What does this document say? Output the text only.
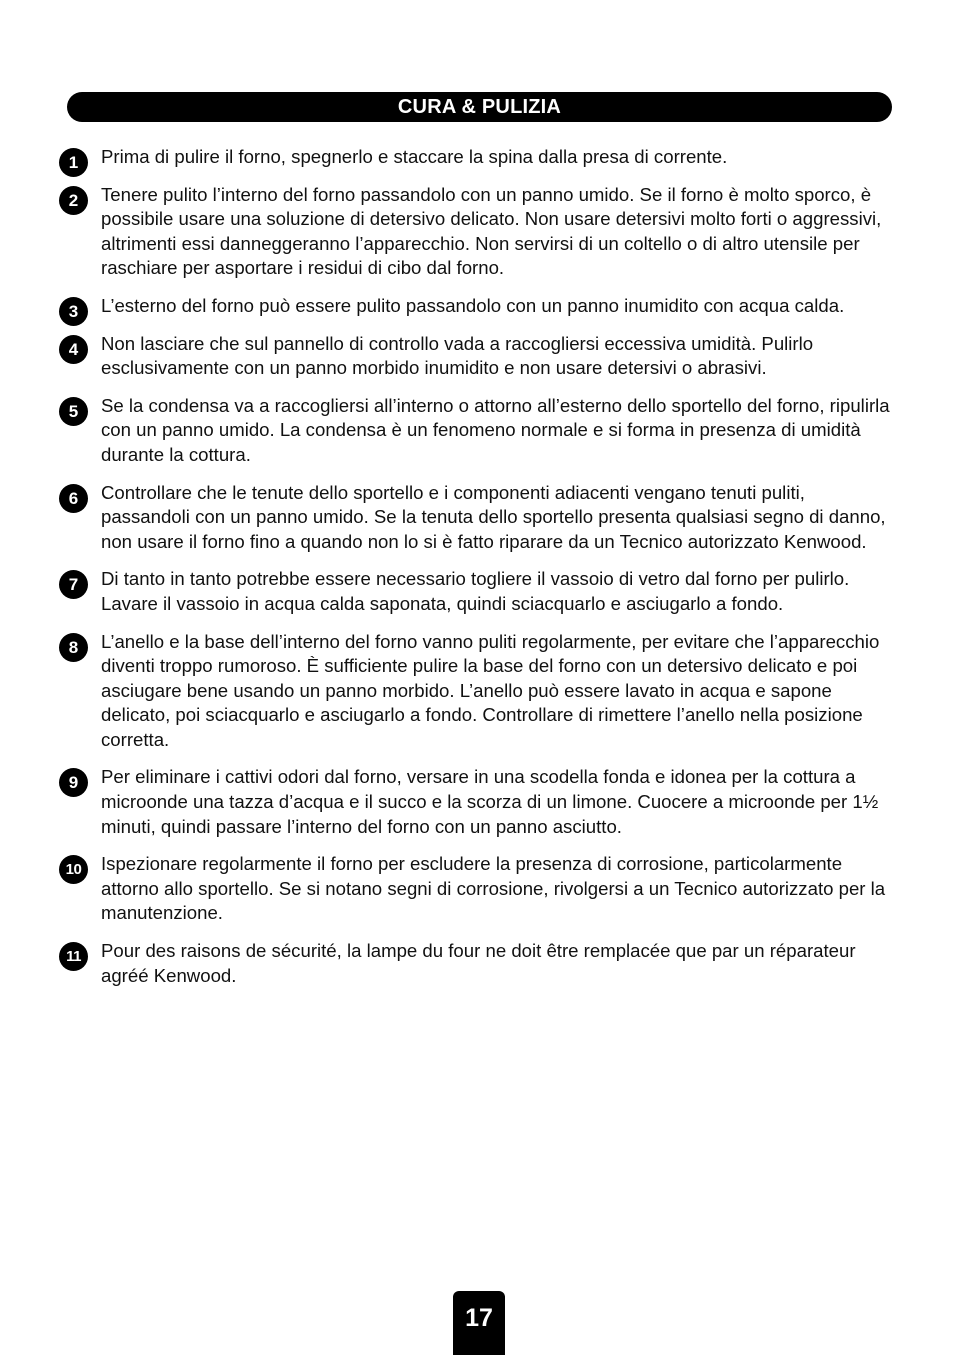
CURA & PULIZIA
1	Prima di pulire il forno, spegnerlo e staccare la spina dalla presa di corrente.
2	Tenere pulito l’interno del forno passandolo con un panno umido. Se il forno è molto sporco, è possibile usare una soluzione di detersivo delicato. Non usare detersivi molto forti o aggressivi, altrimenti essi danneggeranno l’apparecchio. Non servirsi di un coltello o di altro utensile per raschiare per asportare i residui di cibo dal forno.
3	L’esterno del forno può essere pulito passandolo con un panno inumidito con acqua calda.
4	Non lasciare che sul pannello di controllo vada a raccogliersi eccessiva umidità. Pulirlo esclusivamente con un panno morbido inumidito e non usare detersivi o abrasivi.
5	Se la condensa va a raccogliersi all’interno o attorno all’esterno dello sportello del forno, ripulirla con un panno umido. La condensa è un fenomeno normale e si forma in presenza di umidità durante la cottura.
6	Controllare che le tenute dello sportello e i componenti adiacenti vengano tenuti puliti, passandoli con un panno umido. Se la tenuta dello sportello presenta qualsiasi segno di danno, non usare il forno fino a quando non lo si è fatto riparare da un Tecnico autorizzato Kenwood.
7	Di tanto in tanto potrebbe essere necessario togliere il vassoio di vetro dal forno per pulirlo. Lavare il vassoio in acqua calda saponata, quindi sciacquarlo e asciugarlo a fondo.
8	L’anello e la base dell’interno del forno vanno puliti regolarmente, per evitare che l’apparecchio diventi troppo rumoroso. È sufficiente pulire la base del forno con un detersivo delicato e poi asciugare bene usando un panno morbido. L’anello può essere lavato in acqua e sapone delicato, poi sciacquarlo e asciugarlo a fondo. Controllare di rimettere l’anello nella posizione corretta.
9	Per eliminare i cattivi odori dal forno, versare in una scodella fonda e idonea per la cottura a microonde una tazza d’acqua e il succo e la scorza di un limone. Cuocere a microonde per 1½ minuti, quindi passare l’interno del forno con un panno asciutto.
10	Ispezionare regolarmente il forno per escludere la presenza di corrosione, particolarmente attorno allo sportello. Se si notano segni di corrosione, rivolgersi a un Tecnico autorizzato per la manutenzione.
11	Pour des raisons de sécurité, la lampe du four ne doit être remplacée que par un réparateur agréé Kenwood.
17
